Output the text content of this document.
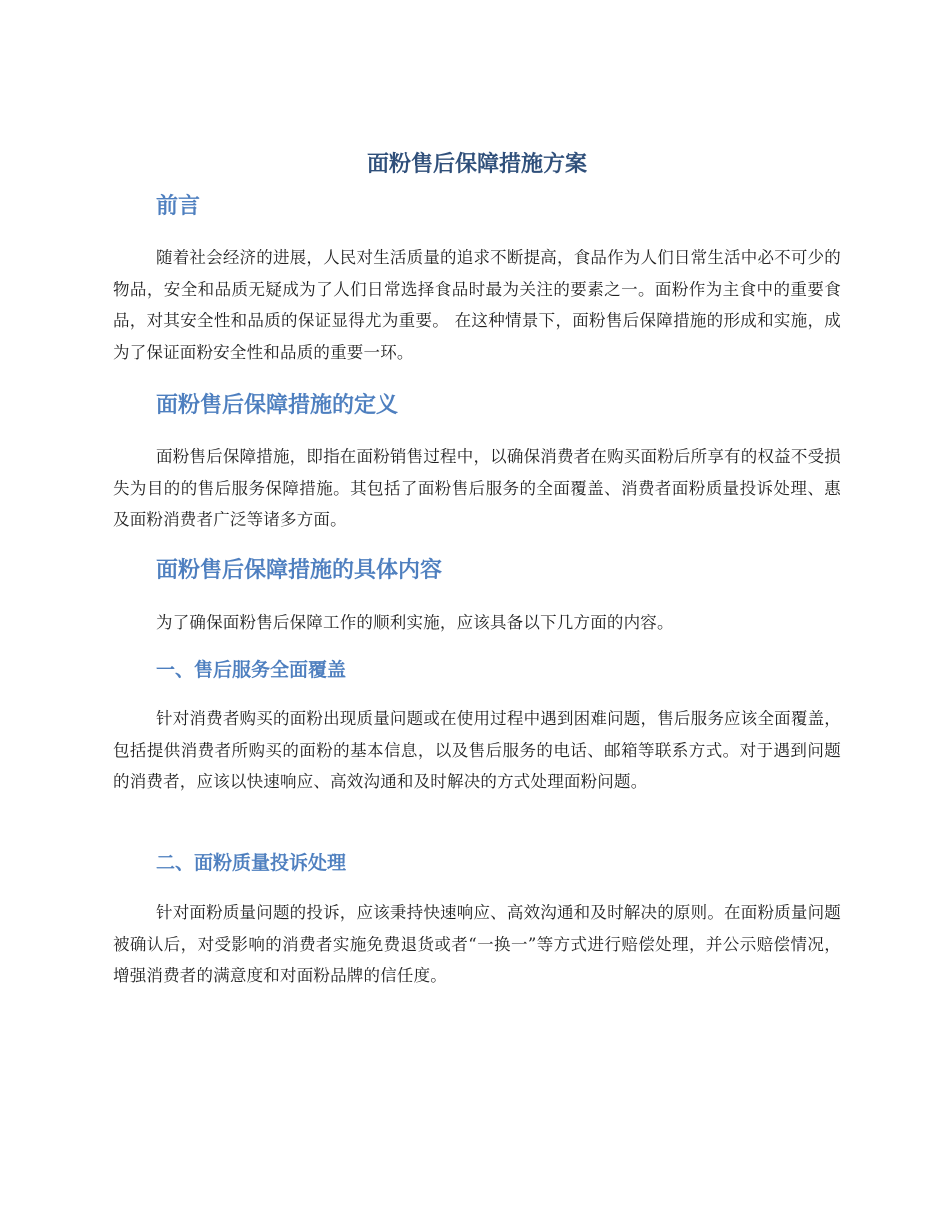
面粉售后保障措施方案
前言

随着社会经济的进展，人民对生活质量的追求不断提高，食品作为人们日常生活中必不可少的物品，安全和品质无疑成为了人们日常选择食品时最为关注的要素之一。面粉作为主食中的重要食品，对其安全性和品质的保证显得尤为重要。 在这种情景下，面粉售后保障措施的形成和实施，成为了保证面粉安全性和品质的重要一环。

面粉售后保障措施的定义

面粉售后保障措施，即指在面粉销售过程中，以确保消费者在购买面粉后所享有的权益不受损失为目的的售后服务保障措施。其包括了面粉售后服务的全面覆盖、消费者面粉质量投诉处理、惠及面粉消费者广泛等诸多方面。

面粉售后保障措施的具体内容

为了确保面粉售后保障工作的顺利实施，应该具备以下几方面的内容。

一、售后服务全面覆盖

针对消费者购买的面粉出现质量问题或在使用过程中遇到困难问题，售后服务应该全面覆盖，包括提供消费者所购买的面粉的基本信息，以及售后服务的电话、邮箱等联系方式。对于遇到问题的消费者，应该以快速响应、高效沟通和及时解决的方式处理面粉问题。

二、面粉质量投诉处理

针对面粉质量问题的投诉，应该秉持快速响应、高效沟通和及时解决的原则。在面粉质量问题被确认后，对受影响的消费者实施免费退货或者“一换一”等方式进行赔偿处理，并公示赔偿情况，增强消费者的满意度和对面粉品牌的信任度。
